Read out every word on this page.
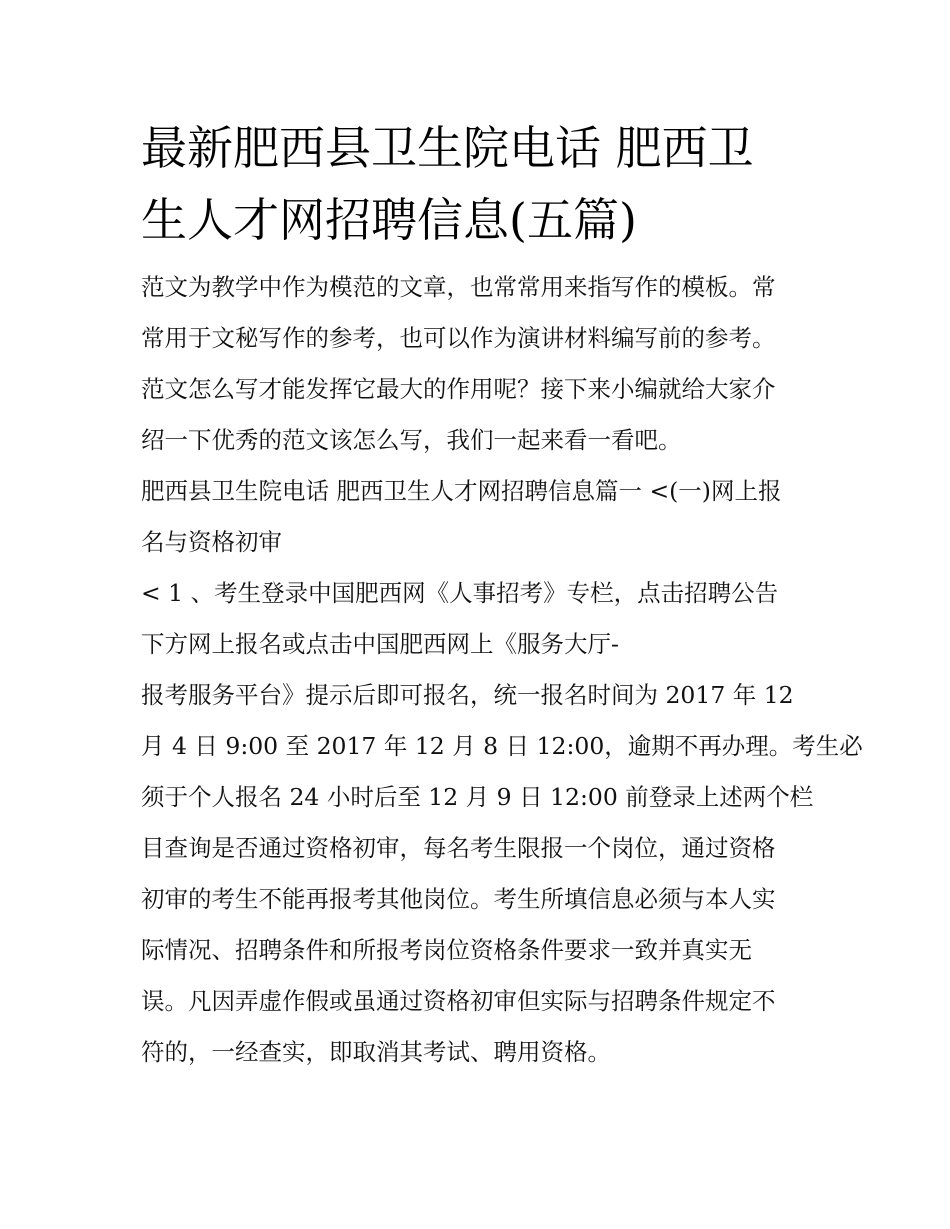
最新肥西县卫生院电话 肥西卫
生人才网招聘信息(五篇)

范文为教学中作为模范的文章，也常常用来指写作的模板。常
常用于文秘写作的参考，也可以作为演讲材料编写前的参考。
范文怎么写才能发挥它最大的作用呢？接下来小编就给大家介
绍一下优秀的范文该怎么写，我们一起来看一看吧。

肥西县卫生院电话 肥西卫生人才网招聘信息篇一 <(一)网上报
名与资格初审

< 1 、考生登录中国肥西网《人事招考》专栏，点击招聘公告
下方网上报名或点击中国肥西网上《服务大厅-
报考服务平台》提示后即可报名，统一报名时间为 2017 年 12
月 4 日 9:00 至 2017 年 12 月 8 日 12:00，逾期不再办理。考生必
须于个人报名 24 小时后至 12 月 9 日 12:00 前登录上述两个栏
目查询是否通过资格初审，每名考生限报一个岗位，通过资格
初审的考生不能再报考其他岗位。考生所填信息必须与本人实
际情况、招聘条件和所报考岗位资格条件要求一致并真实无
误。凡因弄虚作假或虽通过资格初审但实际与招聘条件规定不
符的，一经查实，即取消其考试、聘用资格。
